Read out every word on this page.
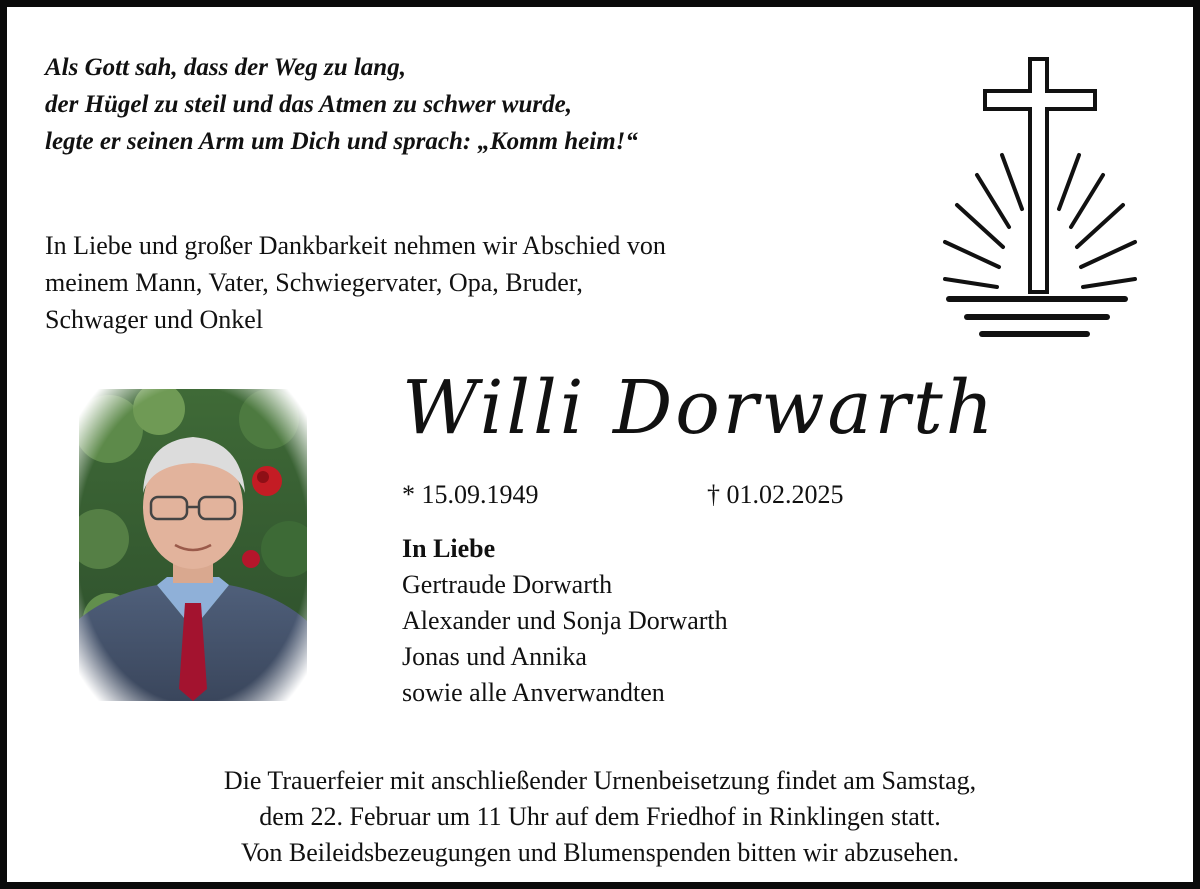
Als Gott sah, dass der Weg zu lang,
der Hügel zu steil und das Atmen zu schwer wurde,
legte er seinen Arm um Dich und sprach: „Komm heim!“
In Liebe und großer Dankbarkeit nehmen wir Abschied von
meinem Mann, Vater, Schwiegervater, Opa, Bruder,
Schwager und Onkel
Willi Dorwarth
* 15.09.1949	† 01.02.2025
In Liebe
Gertraude Dorwarth
Alexander und Sonja Dorwarth
Jonas und Annika
sowie alle Anverwandten
Die Trauerfeier mit anschließender Urnenbeisetzung findet am Samstag,
dem 22. Februar um 11 Uhr auf dem Friedhof in Rinklingen statt.
Von Beileidsbezeugungen und Blumenspenden bitten wir abzusehen.
